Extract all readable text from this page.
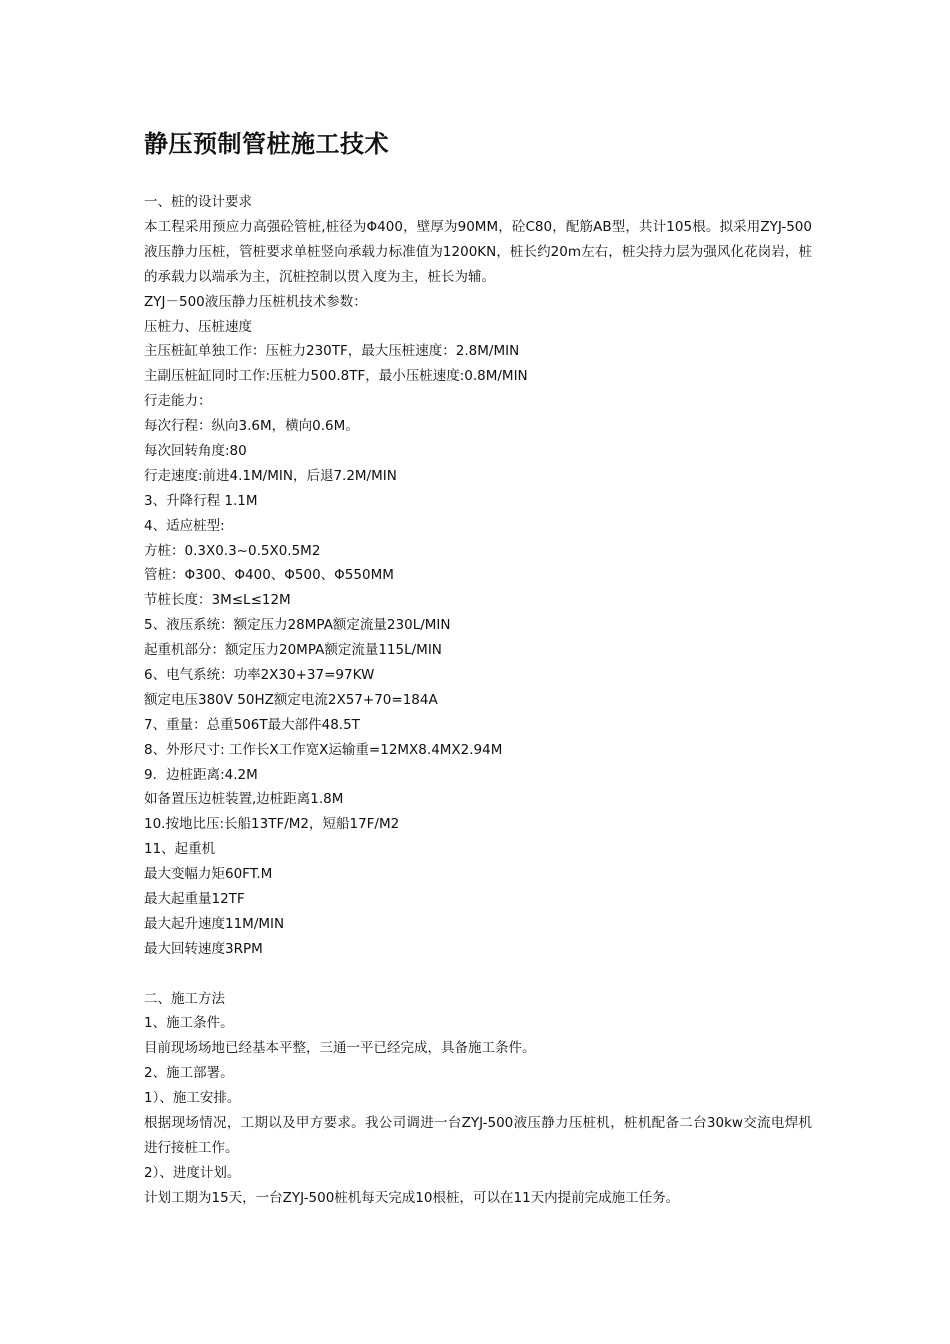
静压预制管桩施工技术
一、桩的设计要求
本工程采用预应力高强砼管桩,桩径为Φ400，壁厚为90MM，砼C80，配筋AB型，共计105根。拟采用ZYJ-500液压静力压桩，管桩要求单桩竖向承载力标准值为1200KN，桩长约20m左右，桩尖持力层为强风化花岗岩，桩的承载力以端承为主，沉桩控制以贯入度为主，桩长为辅。
ZYJ－500液压静力压桩机技术参数：
压桩力、压桩速度
主压桩缸单独工作：压桩力230TF，最大压桩速度：2.8M/MIN
主副压桩缸同时工作:压桩力500.8TF，最小压桩速度:0.8M/MIN
行走能力：
每次行程：纵向3.6M，横向0.6M。
每次回转角度:80
行走速度:前进4.1M/MIN，后退7.2M/MIN
3、升降行程 1.1M
4、适应桩型:
方桩：0.3X0.3~0.5X0.5M2
管桩：Φ300、Φ400、Φ500、Φ550MM
节桩长度：3M≤L≤12M
5、液压系统：额定压力28MPA额定流量230L/MIN
起重机部分：额定压力20MPA额定流量115L/MIN
6、电气系统：功率2X30+37=97KW
额定电压380V 50HZ额定电流2X57+70=184A
7、重量：总重506T最大部件48.5T
8、外形尺寸: 工作长X工作宽X运输重=12MX8.4MX2.94M
9．边桩距离:4.2M
如备置压边桩装置,边桩距离1.8M
10.按地比压:长船13TF/M2，短船17F/M2
11、起重机
最大变幅力矩60FT.M
最大起重量12TF
最大起升速度11M/MIN
最大回转速度3RPM
二、施工方法
1、施工条件。
目前现场场地已经基本平整，三通一平已经完成，具备施工条件。
2、施工部署。
1）、施工安排。
根据现场情况，工期以及甲方要求。我公司调进一台ZYJ-500液压静力压桩机，桩机配备二台30kw交流电焊机进行接桩工作。
2）、进度计划。
计划工期为15天，一台ZYJ-500桩机每天完成10根桩，可以在11天内提前完成施工任务。
